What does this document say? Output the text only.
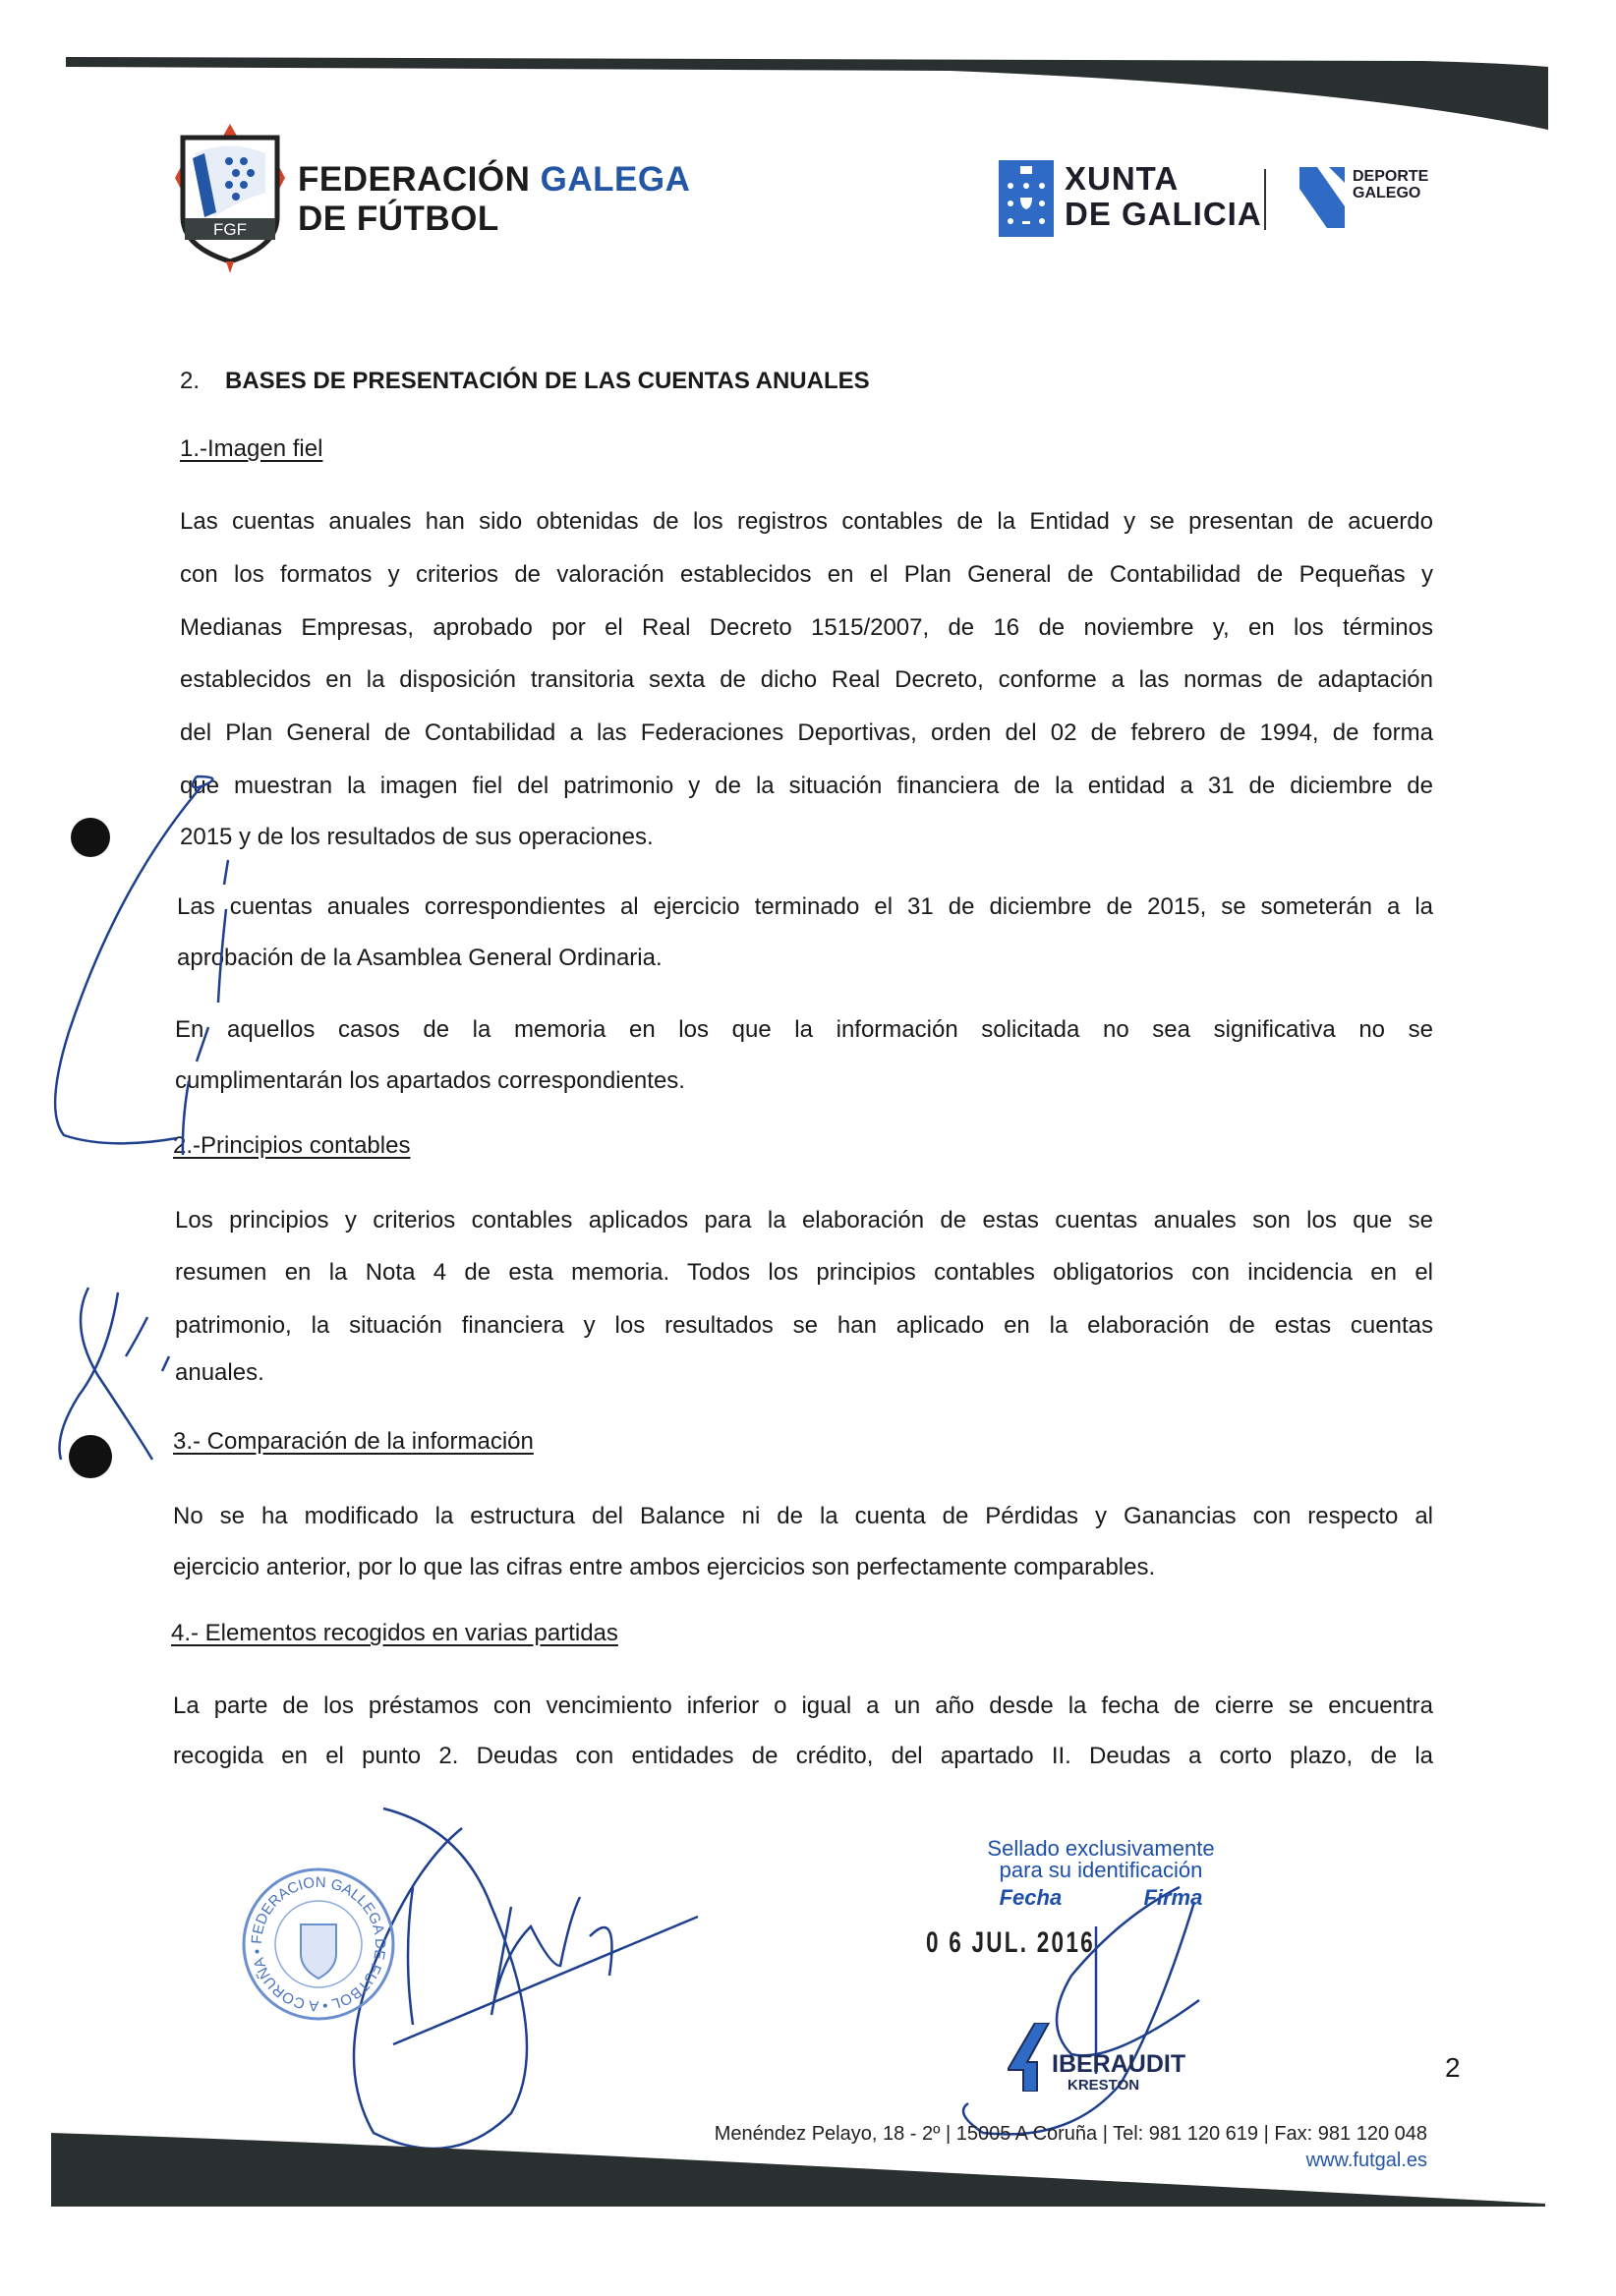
FGF
FEDERACIÓN GALEGA
DE FÚTBOL
XUNTA
DE GALICIA
DEPORTE
GALEGO
2. BASES DE PRESENTACIÓN DE LAS CUENTAS ANUALES
1.-Imagen fiel
Las cuentas anuales han sido obtenidas de los registros contables de la Entidad y se presentan de acuerdo
con los formatos y criterios de valoración establecidos en el Plan General de Contabilidad de Pequeñas y
Medianas Empresas, aprobado por el Real Decreto 1515/2007, de 16 de noviembre y, en los términos
establecidos en la disposición transitoria sexta de dicho Real Decreto, conforme a las normas de adaptación
del Plan General de Contabilidad a las Federaciones Deportivas, orden del 02 de febrero de 1994, de forma
que muestran la imagen fiel del patrimonio y de la situación financiera de la entidad a 31 de diciembre de
2015 y de los resultados de sus operaciones.
Las cuentas anuales correspondientes al ejercicio terminado el 31 de diciembre de 2015, se someterán a la
aprobación de la Asamblea General Ordinaria.
En aquellos casos de la memoria en los que la información solicitada no sea significativa no se
cumplimentarán los apartados correspondientes.
2.-Principios contables
Los principios y criterios contables aplicados para la elaboración de estas cuentas anuales son los que se
resumen en la Nota 4 de esta memoria. Todos los principios contables obligatorios con incidencia en el
patrimonio, la situación financiera y los resultados se han aplicado en la elaboración de estas cuentas
anuales.
3.- Comparación de la información
No se ha modificado la estructura del Balance ni de la cuenta de Pérdidas y Ganancias con respecto al
ejercicio anterior, por lo que las cifras entre ambos ejercicios son perfectamente comparables.
4.- Elementos recogidos en varias partidas
La parte de los préstamos con vencimiento inferior o igual a un año desde la fecha de cierre se encuentra
recogida en el punto 2. Deudas con entidades de crédito, del apartado II. Deudas a corto plazo, de la
FEDERACION GALLEGA DE FUTBOL • A CORUÑA •
Sellado exclusivamente
para su identificación
Fecha	Firma
0 6 JUL. 2016
IBERAUDIT
KRESTON
2
Menéndez Pelayo, 18 - 2º | 15005 A Coruña | Tel: 981 120 619 | Fax: 981 120 048
www.futgal.es
